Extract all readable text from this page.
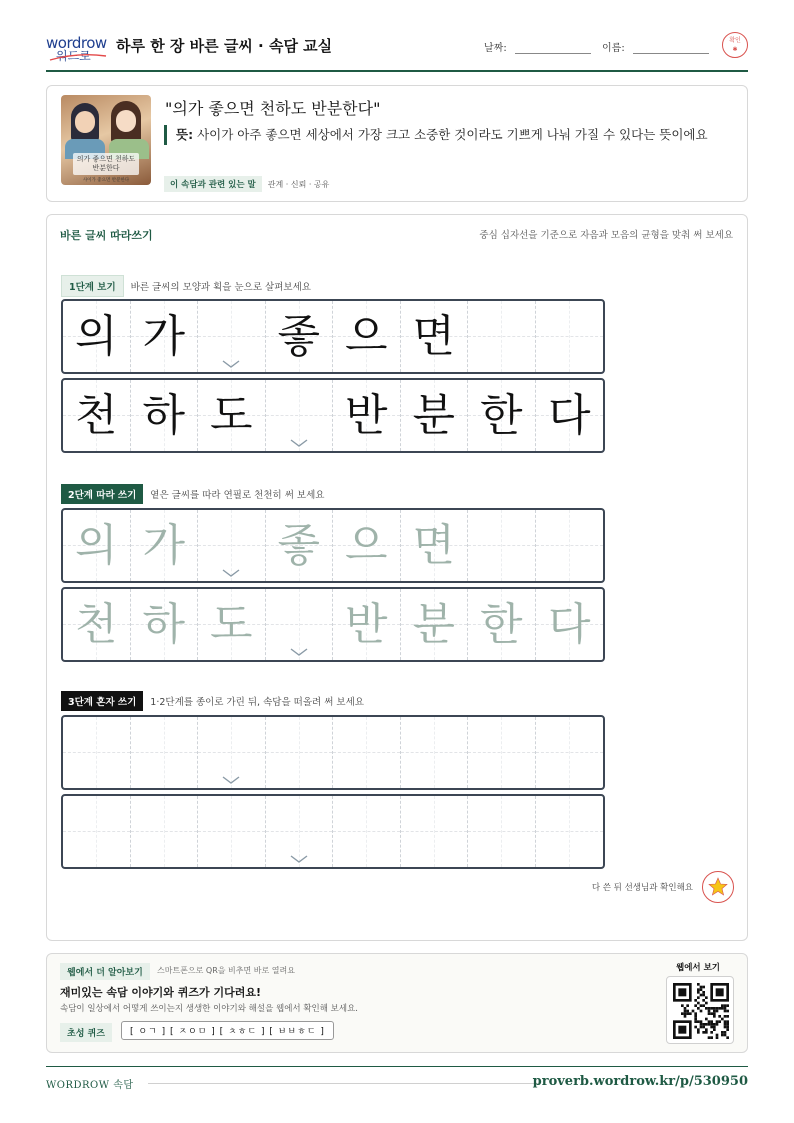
wordrow
워드로
하루 한 장 바른 글씨 · 속담 교실	날짜:	이름:
확인
✱
의가 좋으면 천하도 반분한다
사이가 좋으면 반분한다
"의가 좋으면 천하도 반분한다"
뜻: 사이가 아주 좋으면 세상에서 가장 크고 소중한 것이라도 기쁘게 나눠 가질 수 있다는 뜻이에요
이 속담과 관련 있는 말	관계 · 신뢰 · 공유
바른 글씨 따라쓰기	중심 십자선을 기준으로 자음과 모음의 균형을 맞춰 써 보세요
1단계 보기	바른 글씨의 모양과 획을 눈으로 살펴보세요
의 가 좋 으 면
천 하 도 반 분 한 다
2단계 따라 쓰기	옅은 글씨를 따라 연필로 천천히 써 보세요
의 가 좋 으 면
천 하 도 반 분 한 다
3단계 혼자 쓰기	1·2단계를 종이로 가린 뒤, 속담을 떠올려 써 보세요
다 쓴 뒤 선생님과 확인해요
웹에서 더 알아보기	스마트폰으로 QR을 비추면 바로 열려요
재미있는 속담 이야기와 퀴즈가 기다려요!
속담이 일상에서 어떻게 쓰이는지 생생한 이야기와 해설을 웹에서 확인해 보세요.
초성 퀴즈	[ ㅇㄱ ] [ ㅈㅇㅁ ] [ ㅊㅎㄷ ] [ ㅂㅂㅎㄷ ]
웹에서 보기
WORDROW 속담	proverb.wordrow.kr/p/530950
